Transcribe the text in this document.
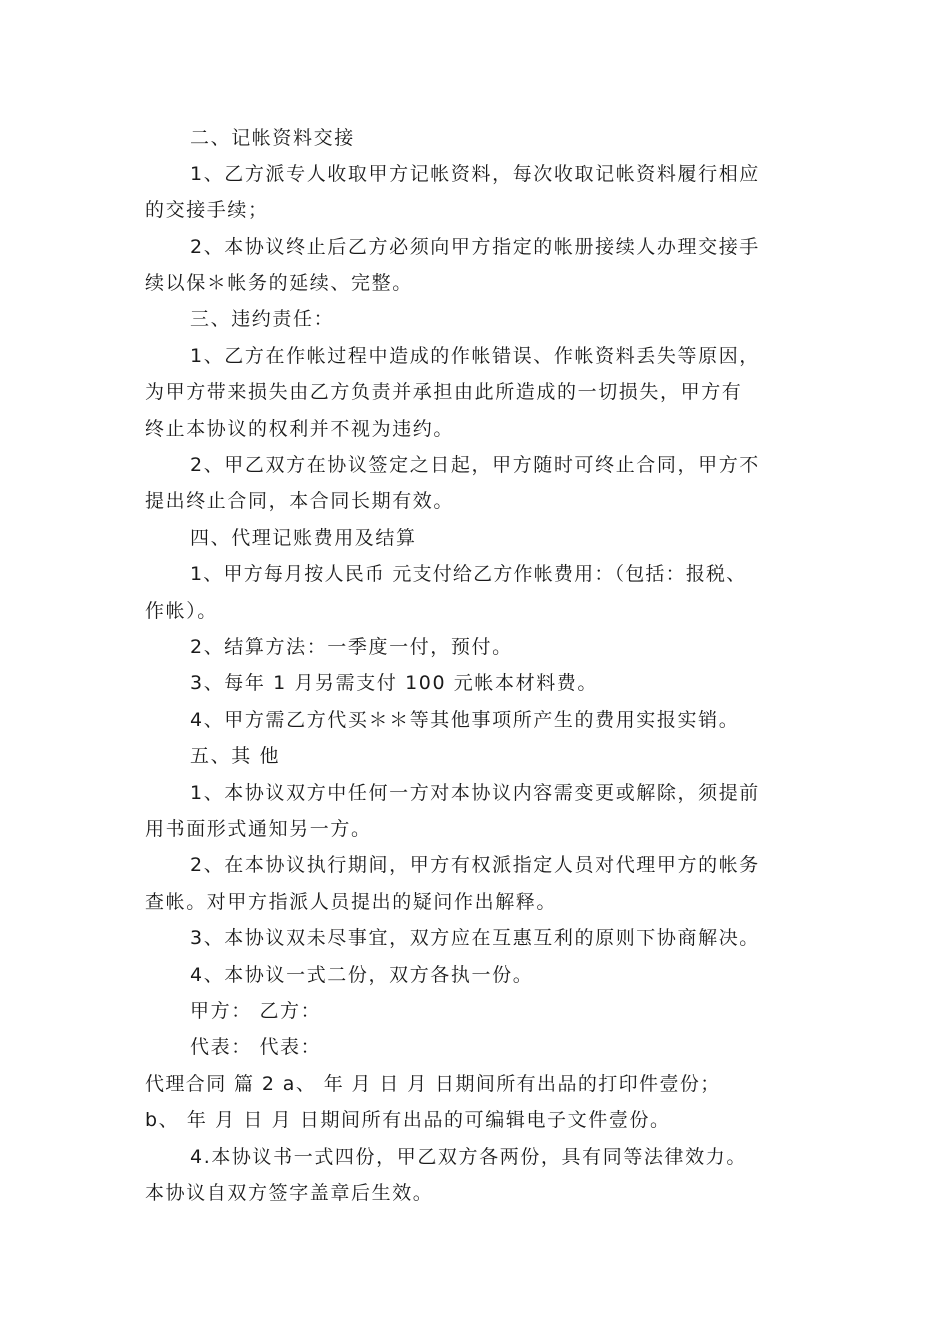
二、记帐资料交接
1、乙方派专人收取甲方记帐资料，每次收取记帐资料履行相应
的交接手续；
2、本协议终止后乙方必须向甲方指定的帐册接续人办理交接手
续以保＊帐务的延续、完整。
三、违约责任：
1、乙方在作帐过程中造成的作帐错误、作帐资料丢失等原因，
为甲方带来损失由乙方负责并承担由此所造成的一切损失，甲方有
终止本协议的权利并不视为违约。
2、甲乙双方在协议签定之日起，甲方随时可终止合同，甲方不
提出终止合同，本合同长期有效。
四、代理记账费用及结算
1、甲方每月按人民币 元支付给乙方作帐费用：（包括：报税、
作帐）。
2、结算方法：一季度一付，预付。
3、每年 1 月另需支付 100 元帐本材料费。
4、甲方需乙方代买＊＊等其他事项所产生的费用实报实销。
五、其 他
1、本协议双方中任何一方对本协议内容需变更或解除，须提前
用书面形式通知另一方。
2、在本协议执行期间，甲方有权派指定人员对代理甲方的帐务
查帐。对甲方指派人员提出的疑问作出解释。
3、本协议双未尽事宜，双方应在互惠互利的原则下协商解决。
4、本协议一式二份，双方各执一份。
甲方： 乙方：
代表： 代表：
代理合同 篇 2 a、 年 月 日 月 日期间所有出品的打印件壹份；
b、 年 月 日 月 日期间所有出品的可编辑电子文件壹份。
4.本协议书一式四份，甲乙双方各两份，具有同等法律效力。
本协议自双方签字盖章后生效。
